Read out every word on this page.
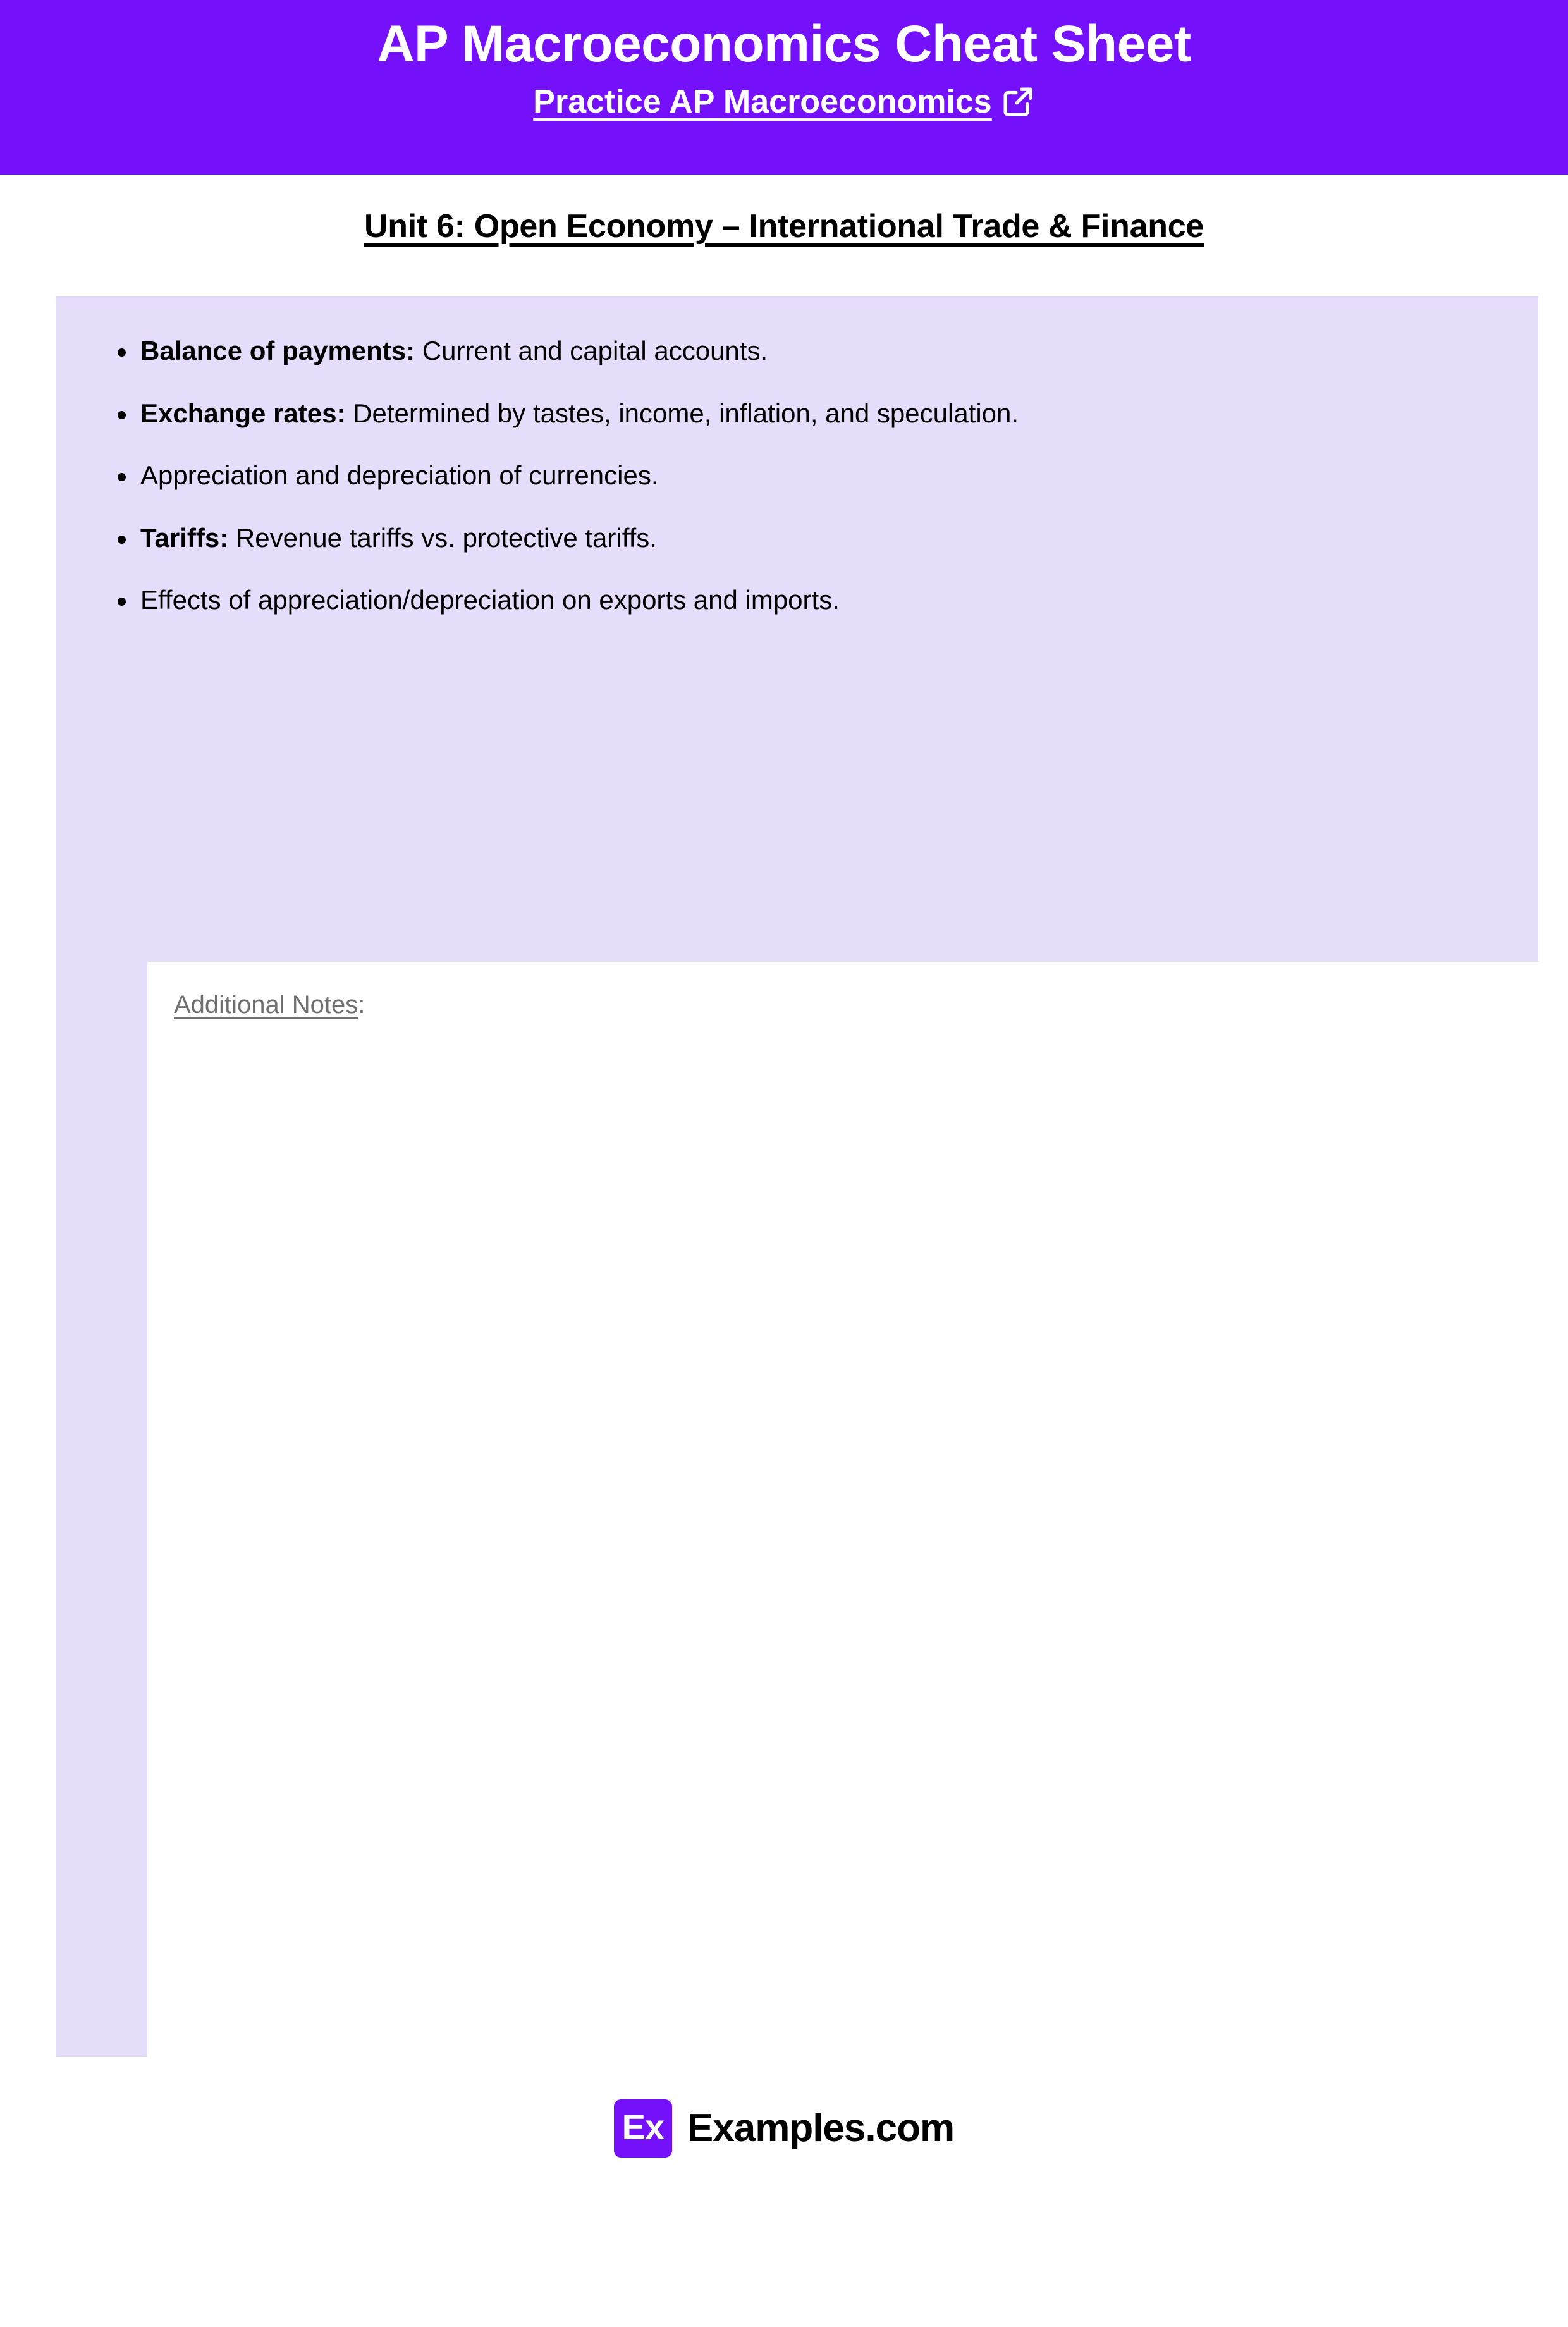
AP Macroeconomics Cheat Sheet
Practice AP Macroeconomics
Unit 6: Open Economy – International Trade & Finance
Balance of payments: Current and capital accounts.
Exchange rates: Determined by tastes, income, inflation, and speculation.
Appreciation and depreciation of currencies.
Tariffs: Revenue tariffs vs. protective tariffs.
Effects of appreciation/depreciation on exports and imports.
Additional Notes:
Ex Examples.com
